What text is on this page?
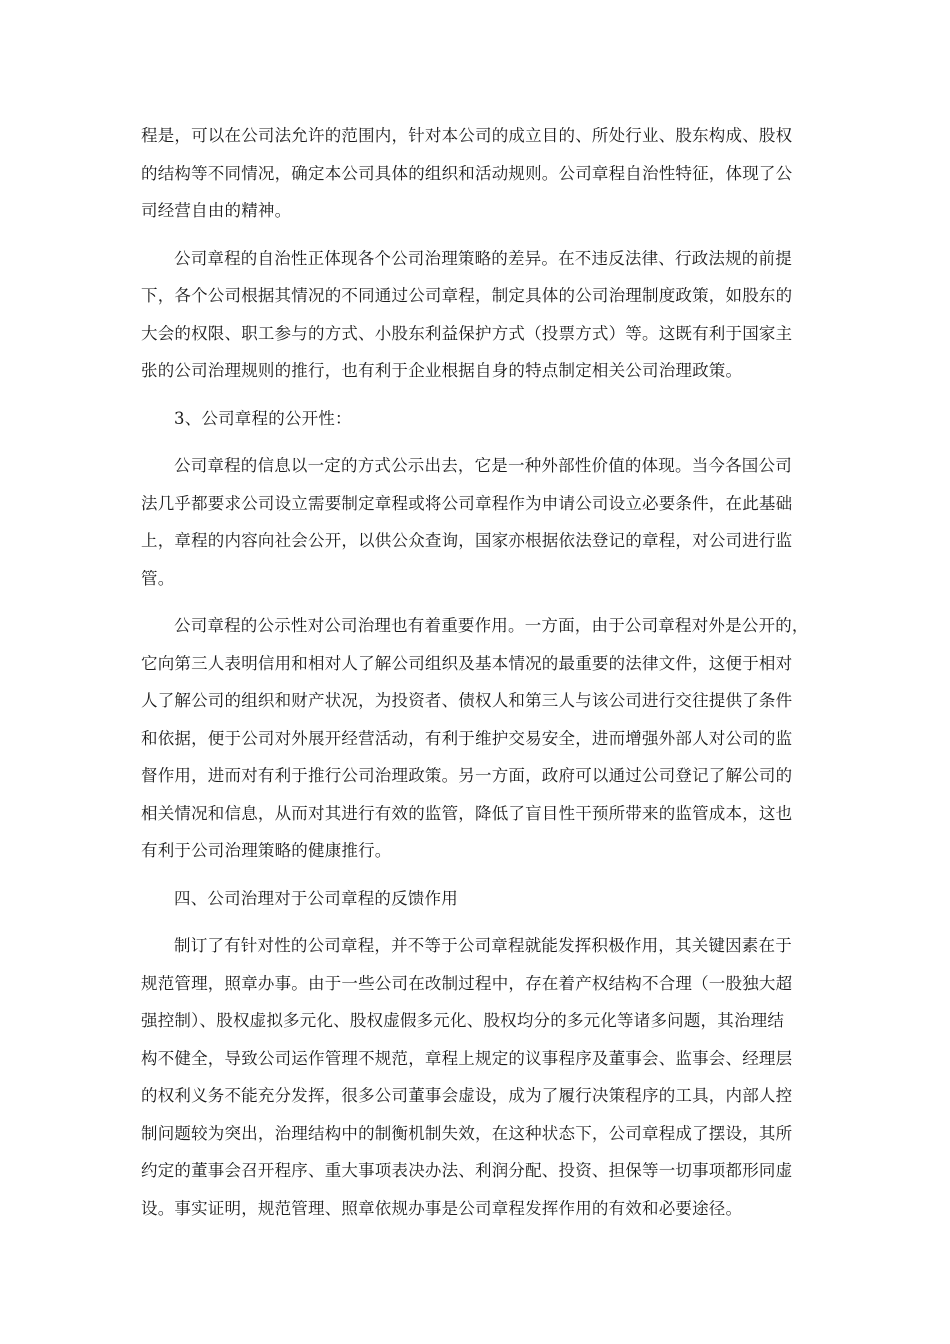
程是，可以在公司法允许的范围内，针对本公司的成立目的、所处行业、股东构成、股权
的结构等不同情况，确定本公司具体的组织和活动规则。公司章程自治性特征，体现了公
司经营自由的精神。
公司章程的自治性正体现各个公司治理策略的差异。在不违反法律、行政法规的前提
下，各个公司根据其情况的不同通过公司章程，制定具体的公司治理制度政策，如股东的
大会的权限、职工参与的方式、小股东利益保护方式（投票方式）等。这既有利于国家主
张的公司治理规则的推行，也有利于企业根据自身的特点制定相关公司治理政策。
3、公司章程的公开性：
公司章程的信息以一定的方式公示出去，它是一种外部性价值的体现。当今各国公司
法几乎都要求公司设立需要制定章程或将公司章程作为申请公司设立必要条件，在此基础
上，章程的内容向社会公开，以供公众查询，国家亦根据依法登记的章程，对公司进行监
管。
公司章程的公示性对公司治理也有着重要作用。一方面，由于公司章程对外是公开的，
它向第三人表明信用和相对人了解公司组织及基本情况的最重要的法律文件，这便于相对
人了解公司的组织和财产状况，为投资者、债权人和第三人与该公司进行交往提供了条件
和依据，便于公司对外展开经营活动，有利于维护交易安全，进而增强外部人对公司的监
督作用，进而对有利于推行公司治理政策。另一方面，政府可以通过公司登记了解公司的
相关情况和信息，从而对其进行有效的监管，降低了盲目性干预所带来的监管成本，这也
有利于公司治理策略的健康推行。
四、公司治理对于公司章程的反馈作用
制订了有针对性的公司章程，并不等于公司章程就能发挥积极作用，其关键因素在于
规范管理，照章办事。由于一些公司在改制过程中，存在着产权结构不合理（一股独大超
强控制）、股权虚拟多元化、股权虚假多元化、股权均分的多元化等诸多问题，其治理结
构不健全，导致公司运作管理不规范，章程上规定的议事程序及董事会、监事会、经理层
的权利义务不能充分发挥，很多公司董事会虚设，成为了履行决策程序的工具，内部人控
制问题较为突出，治理结构中的制衡机制失效，在这种状态下，公司章程成了摆设，其所
约定的董事会召开程序、重大事项表决办法、利润分配、投资、担保等一切事项都形同虚
设。事实证明，规范管理、照章依规办事是公司章程发挥作用的有效和必要途径。
